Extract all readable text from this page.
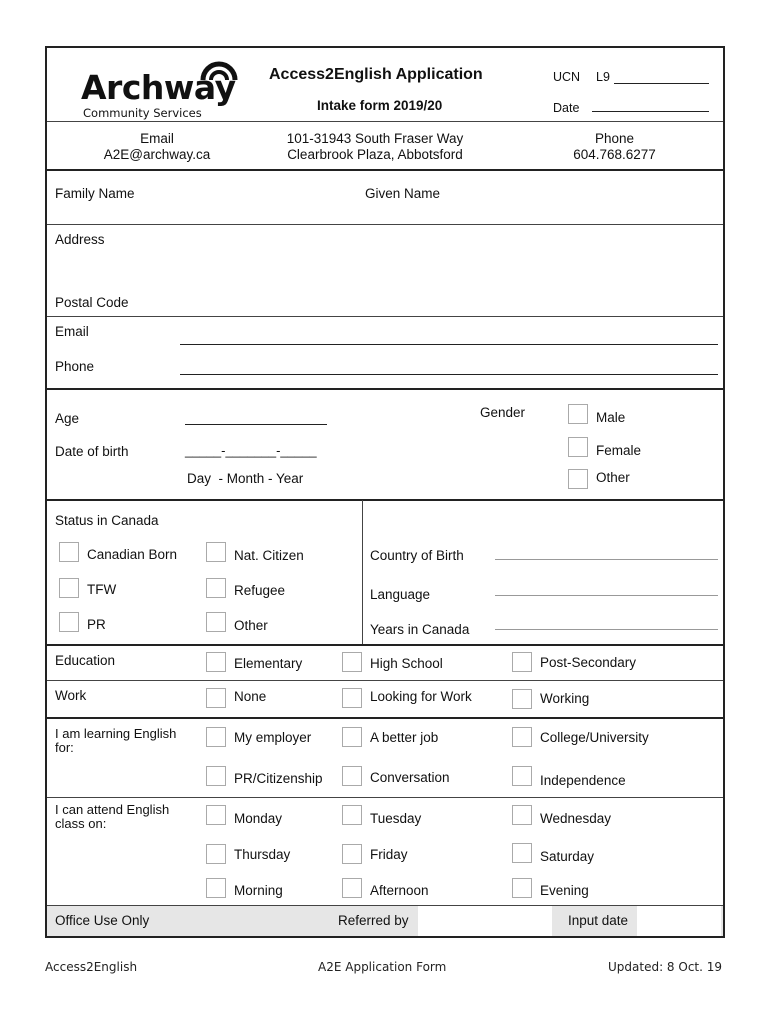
Archway
Community Services
Access2English Application
Intake form 2019/20
UCN L9
Date
Email
A2E@archway.ca
101-31943 South Fraser Way
Clearbrook Plaza, Abbotsford
Phone
604.768.6277
Family Name	Given Name
Address
Postal Code
Email
Phone
Age
Date of birth	_____-_______-_____
Day  - Month - Year
Gender	Male
Female
Other
Status in Canada
Canadian Born	Nat. Citizen
TFW	Refugee
PR	Other
Country of Birth
Language
Years in Canada
Education	Elementary	High School	Post-Secondary
Work	None	Looking for Work	Working
I am learning English for:
My employer	A better job	College/University
PR/Citizenship	Conversation	Independence
I can attend English class on:	Monday	Tuesday	Wednesday
Thursday	Friday	Saturday
Morning	Afternoon	Evening
Office Use Only	Referred by	Input date
Access2English	A2E Application Form	Updated: 8 Oct. 19
